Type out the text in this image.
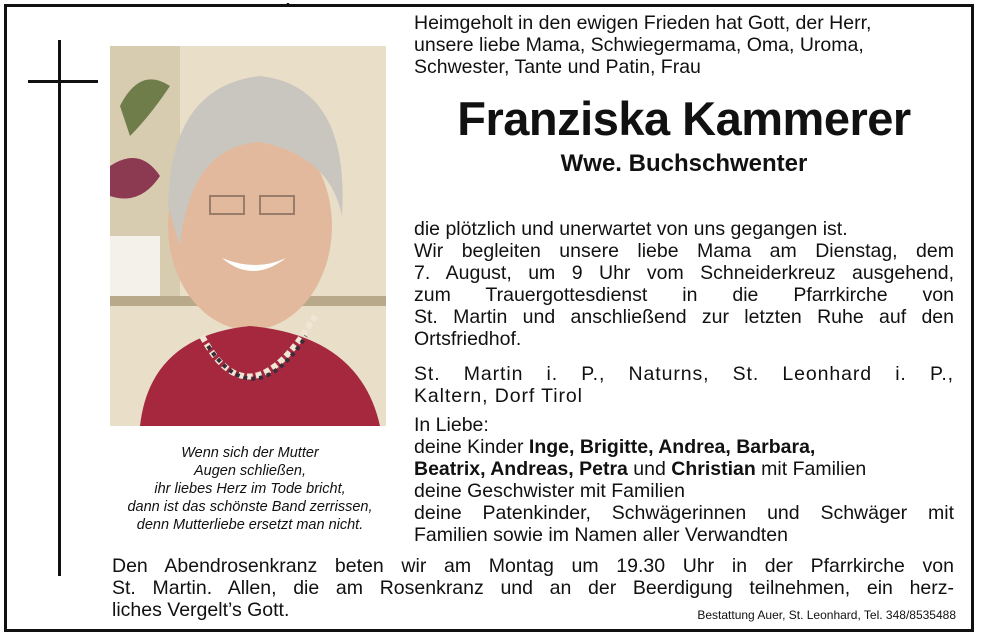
Wenn sich der Mutter
Augen schließen,
ihr liebes Herz im Tode bricht,
dann ist das schönste Band zerrissen,
denn Mutterliebe ersetzt man nicht.
Heimgeholt in den ewigen Frieden hat Gott, der Herr,
unsere liebe Mama, Schwiegermama, Oma, Uroma,
Schwester, Tante und Patin, Frau
Franziska Kammerer
Wwe. Buchschwenter
die plötzlich und unerwartet von uns gegangen ist.
Wir begleiten unsere liebe Mama am Dienstag, dem
7. August, um 9 Uhr vom Schneiderkreuz ausgehend,
zum Trauergottesdienst in die Pfarrkirche von
St. Martin und anschließend zur letzten Ruhe auf den
Ortsfriedhof.
St. Martin i. P., Naturns, St. Leonhard i. P.,
Kaltern, Dorf Tirol
In Liebe:
deine Kinder Inge, Brigitte, Andrea, Barbara,
Beatrix, Andreas, Petra und Christian mit Familien
deine Geschwister mit Familien
deine Patenkinder, Schwägerinnen und Schwäger mit
Familien sowie im Namen aller Verwandten
Den Abendrosenkranz beten wir am Montag um 19.30 Uhr in der Pfarrkirche von
St. Martin. Allen, die am Rosenkranz und an der Beerdigung teilnehmen, ein herz-
liches Vergelt’s Gott.	Bestattung Auer, St. Leonhard, Tel. 348/8535488
